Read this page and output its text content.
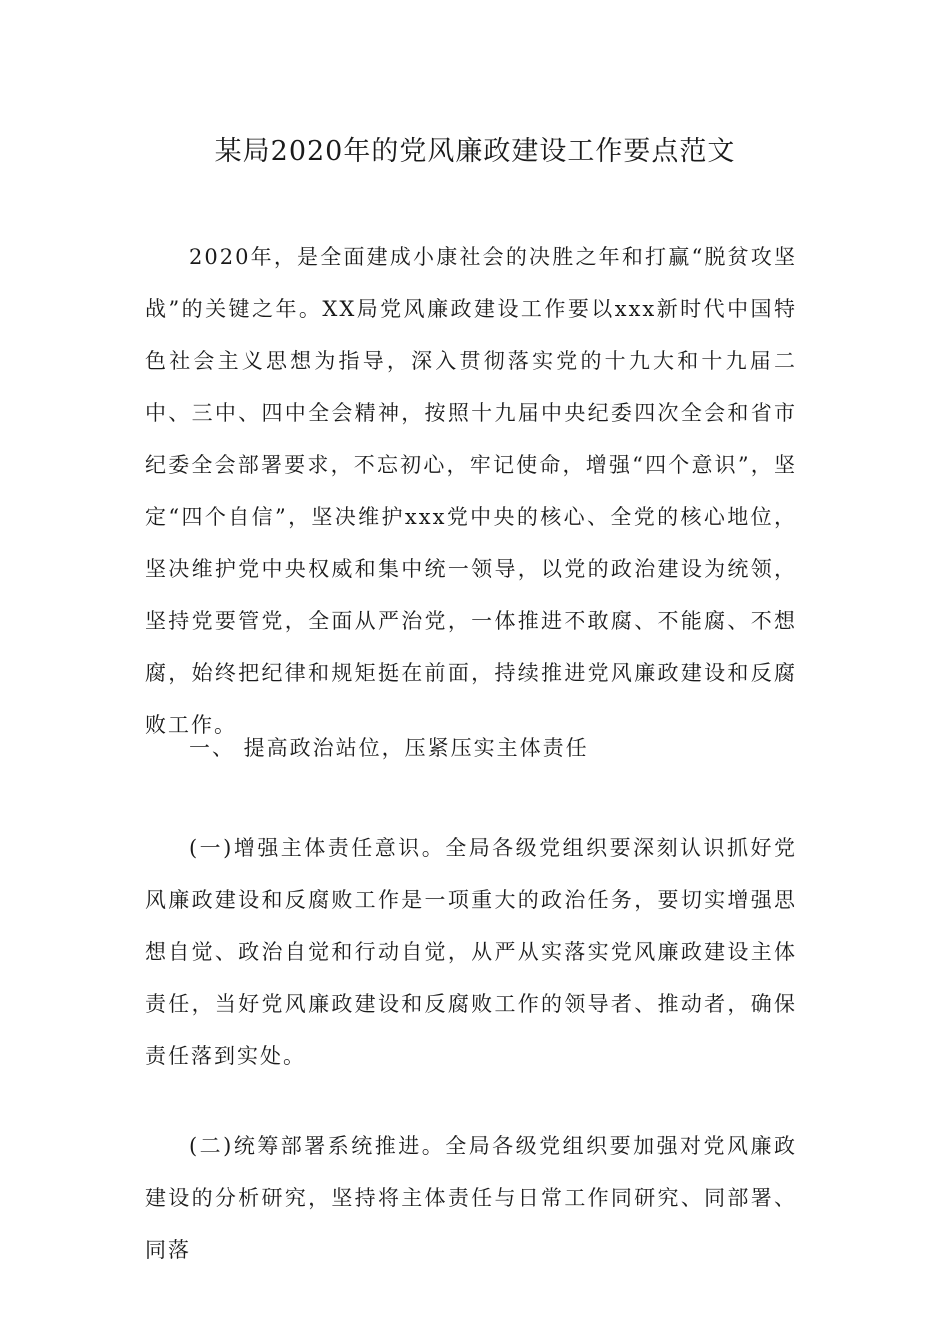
某局2020年的党风廉政建设工作要点范文

2020年，是全面建成小康社会的决胜之年和打赢“脱贫攻坚战”的关键之年。XX局党风廉政建设工作要以xxx新时代中国特色社会主义思想为指导，深入贯彻落实党的十九大和十九届二中、三中、四中全会精神，按照十九届中央纪委四次全会和省市纪委全会部署要求，不忘初心，牢记使命，增强“四个意识”，坚定“四个自信”，坚决维护xxx党中央的核心、全党的核心地位，坚决维护党中央权威和集中统一领导，以党的政治建设为统领，坚持党要管党，全面从严治党，一体推进不敢腐、不能腐、不想腐，始终把纪律和规矩挺在前面，持续推进党风廉政建设和反腐败工作。

一、 提高政治站位，压紧压实主体责任

(一)增强主体责任意识。全局各级党组织要深刻认识抓好党风廉政建设和反腐败工作是一项重大的政治任务，要切实增强思想自觉、政治自觉和行动自觉，从严从实落实党风廉政建设主体责任，当好党风廉政建设和反腐败工作的领导者、推动者，确保责任落到实处。

(二)统筹部署系统推进。全局各级党组织要加强对党风廉政建设的分析研究，坚持将主体责任与日常工作同研究、同部署、同落
